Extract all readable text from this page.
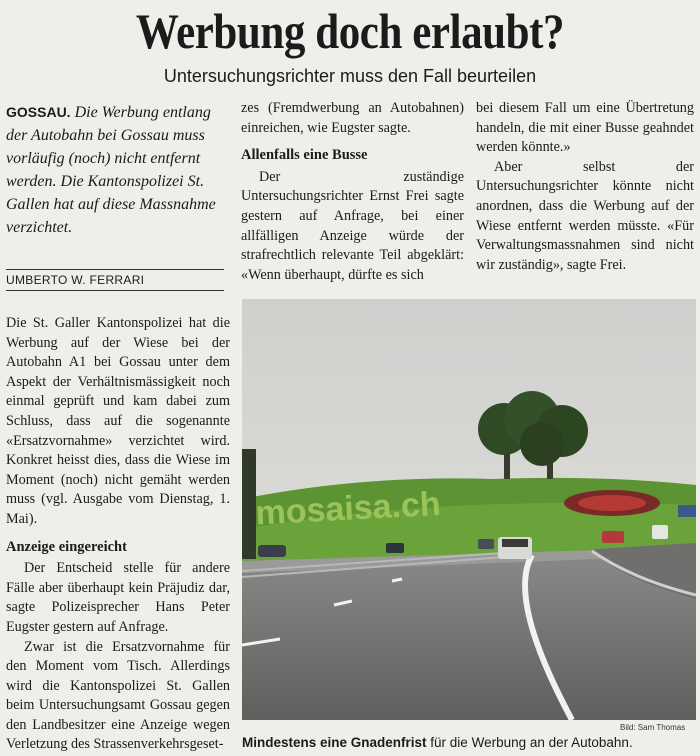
Werbung doch erlaubt?
Untersuchungsrichter muss den Fall beurteilen
GOSSAU. Die Werbung entlang der Autobahn bei Gossau muss vorläufig (noch) nicht entfernt werden. Die Kantonspolizei St. Gallen hat auf diese Massnahme verzichtet.
UMBERTO W. FERRARI

Die St. Galler Kantonspolizei hat die Werbung auf der Wiese bei der Autobahn A1 bei Gossau unter dem Aspekt der Verhältnismässigkeit noch einmal geprüft und kam dabei zum Schluss, dass auf die sogenannte «Ersatzvornahme» verzichtet wird. Konkret heisst dies, dass die Wiese im Moment (noch) nicht gemäht werden muss (vgl. Ausgabe vom Dienstag, 1. Mai).

Anzeige eingereicht

Der Entscheid stelle für andere Fälle aber überhaupt kein Präjudiz dar, sagte Polizeisprecher Hans Peter Eugster gestern auf Anfrage.

Zwar ist die Ersatzvornahme für den Moment vom Tisch. Allerdings wird die Kantonspolizei St. Gallen beim Untersuchungsamt Gossau gegen den Landbesitzer eine Anzeige wegen Verletzung des Strassenverkehrsgeset-

zes (Fremdwerbung an Autobahnen) einreichen, wie Eugster sagte.

Allenfalls eine Busse

Der zuständige Untersuchungsrichter Ernst Frei sagte gestern auf Anfrage, bei einer allfälligen Anzeige würde der strafrechtlich relevante Teil abgeklärt: «Wenn überhaupt, dürfte es sich

bei diesem Fall um eine Übertretung handeln, die mit einer Busse geahndet werden könnte.»

Aber selbst der Untersuchungsrichter könnte nicht anordnen, dass die Werbung auf der Wiese entfernt werden müsste. «Für Verwaltungsmassnahmen sind nicht wir zuständig», sagte Frei.

mosaisa.ch
Bild: Sam Thomas
Mindestens eine Gnadenfrist für die Werbung an der Autobahn.
